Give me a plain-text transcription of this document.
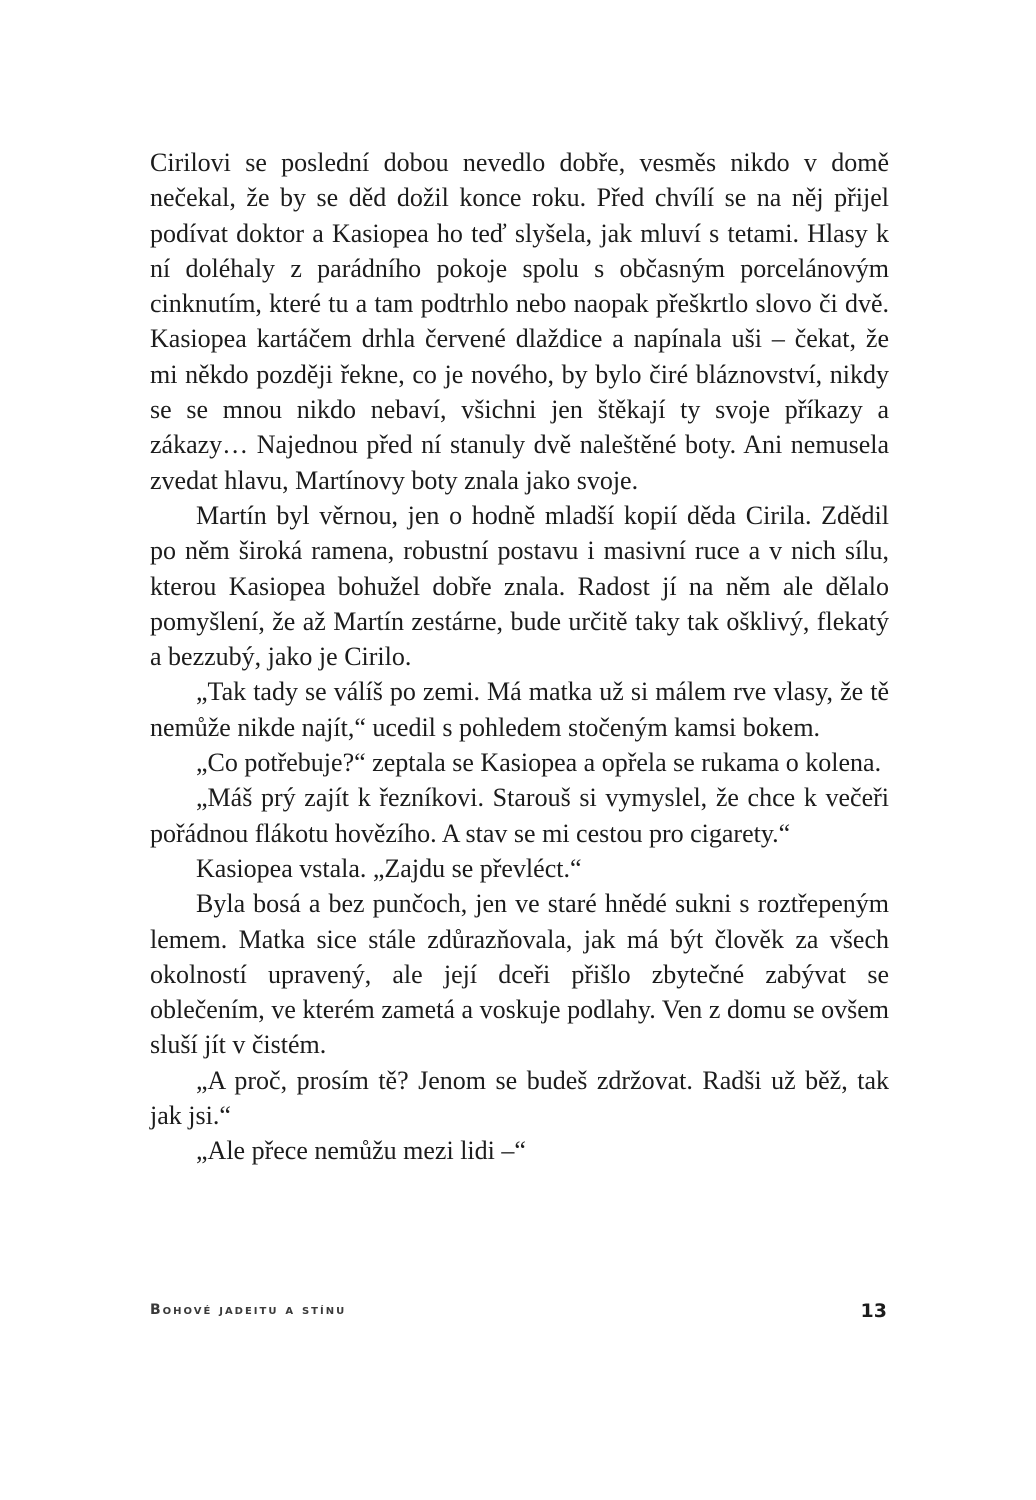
Cirilovi se poslední dobou nevedlo dobře, vesměs nikdo v domě nečekal, že by se děd dožil konce roku. Před chvílí se na něj přijel podívat doktor a Kasiopea ho teď slyšela, jak mluví s tetami. Hlasy k ní doléhaly z parádního pokoje spolu s občasným porcelánovým cinknutím, které tu a tam podtrhlo nebo naopak přeškrtlo slovo či dvě. Kasiopea kartáčem drhla červené dlaždice a napínala uši – čekat, že mi někdo později řekne, co je nového, by bylo čiré bláznovství, nikdy se se mnou nikdo nebaví, všichni jen štěkají ty svoje příkazy a zákazy… Najednou před ní stanuly dvě naleštěné boty. Ani nemusela zvedat hlavu, Martínovy boty znala jako svoje.

Martín byl věrnou, jen o hodně mladší kopií děda Cirila. Zdědil po něm široká ramena, robustní postavu i masivní ruce a v nich sílu, kterou Kasiopea bohužel dobře znala. Radost jí na něm ale dělalo pomyšlení, že až Martín zestárne, bude určitě taky tak ošklivý, flekatý a bezzubý, jako je Cirilo.

„Tak tady se válíš po zemi. Má matka už si málem rve vlasy, že tě nemůže nikde najít,“ ucedil s pohledem stočeným kamsi bokem.

„Co potřebuje?“ zeptala se Kasiopea a opřela se rukama o kolena.

„Máš prý zajít k řezníkovi. Starouš si vymyslel, že chce k večeři pořádnou flákotu hovězího. A stav se mi cestou pro cigarety.“

Kasiopea vstala. „Zajdu se převléct.“

Byla bosá a bez punčoch, jen ve staré hnědé sukni s roztřepeným lemem. Matka sice stále zdůrazňovala, jak má být člověk za všech okolností upravený, ale její dceři přišlo zbytečné zabývat se oblečením, ve kterém zametá a voskuje podlahy. Ven z domu se ovšem sluší jít v čistém.

„A proč, prosím tě? Jenom se budeš zdržovat. Radši už běž, tak jak jsi.“

„Ale přece nemůžu mezi lidi –“

Bohové jadeitu a stínu	13
